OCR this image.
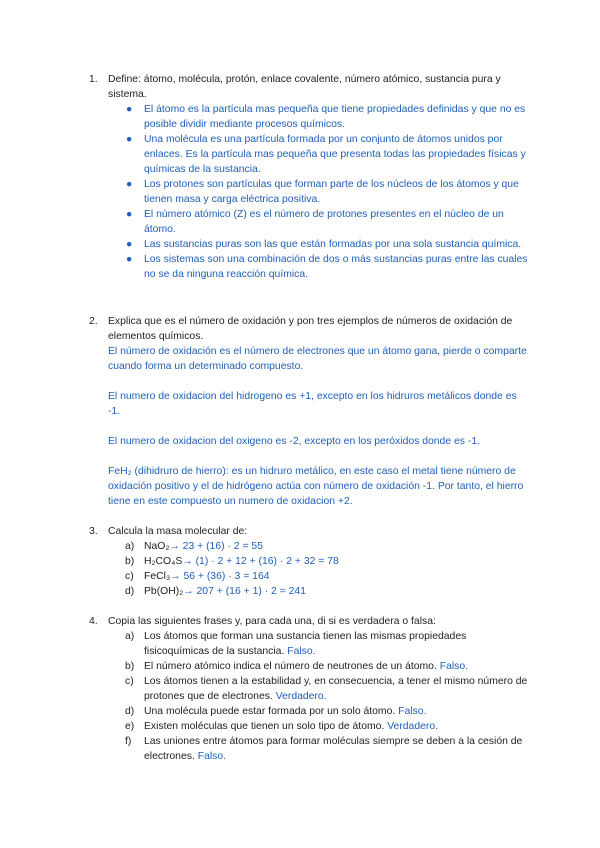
1. Define: átomo, molécula, protón, enlace covalente, número atómico, sustancia pura y sistema.
● El átomo es la partícula mas pequeña que tiene propiedades definidas y que no es posible dividir mediante procesos químicos.
● Una molécula es una partícula formada por un conjunto de átomos unidos por enlaces. Es la partícula mas pequeña que presenta todas las propiedades físicas y químicas de la sustancia.
● Los protones son partículas que forman parte de los núcleos de los átomos y que tienen masa y carga eléctrica positiva.
● El número atómico (Z) es el número de protones presentes en el núcleo de un átomo.
● Las sustancias puras son las que están formadas por una sola sustancia química.
● Los sistemas son una combinación de dos o más sustancias puras entre las cuales no se da ninguna reacción química.
2. Explica que es el número de oxidación y pon tres ejemplos de números de oxidación de elementos químicos.
El número de oxidación es el número de electrones que un átomo gana, pierde o comparte cuando forma un determinado compuesto.
El numero de oxidacion del hidrogeno es +1, excepto en los hidruros metálicos donde es -1.
El numero de oxidacion del oxigeno es -2, excepto en los peróxidos donde es -1.
FeH₂ (dihidruro de hierro): es un hidruro metálico, en este caso el metal tiene número de oxidación positivo y el de hidrógeno actúa con número de oxidación -1. Por tanto, el hierro tiene en este compuesto un numero de oxidacion +2.
3. Calcula la masa molecular de:
a) NaO₂→ 23 + (16) · 2 = 55
b) H₂CO₄S→ (1) · 2 + 12 + (16) · 2 + 32 = 78
c) FeCl₃→ 56 + (36) · 3 = 164
d) Pb(OH)₂→ 207 + (16 + 1) · 2 = 241
4. Copia las siguientes frases y, para cada una, di si es verdadera o falsa:
a) Los átomos que forman una sustancia tienen las mismas propiedades fisicoquímicas de la sustancia. Falso.
b) El número atómico indica el número de neutrones de un átomo. Falso.
c) Los átomos tienen a la estabilidad y, en consecuencia, a tener el mismo número de protones que de electrones. Verdadero.
d) Una molécula puede estar formada por un solo átomo. Falso.
e) Existen moléculas que tienen un solo tipo de átomo. Verdadero.
f) Las uniones entre átomos para formar moléculas siempre se deben a la cesión de electrones. Falso.
